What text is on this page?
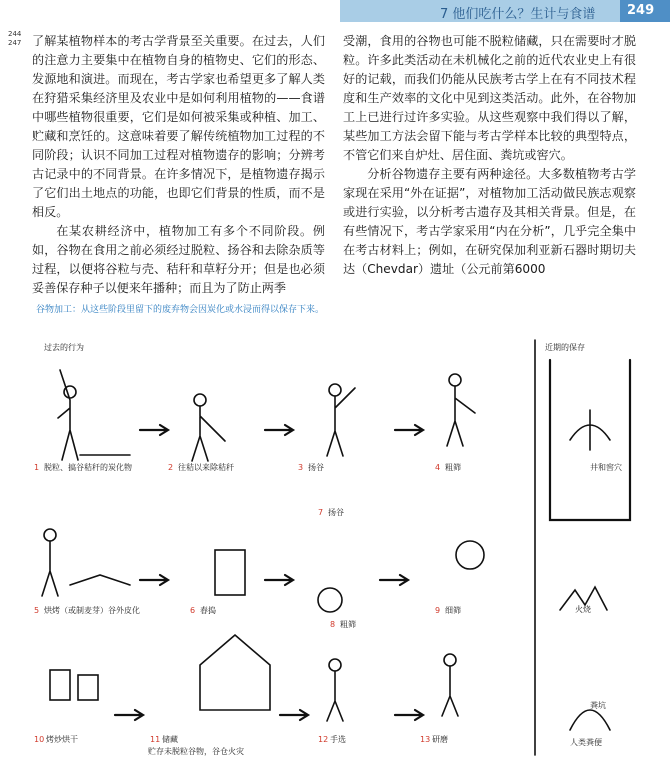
7 他们吃什么？生计与食谱 249
244
247 了解某植物样本的考古学背景至关重要。在过去，人们的注意力主要集中在植物自身的植物史、它们的形态、发源地和演进。而现在，考古学家也希望更多了解人类在狩猎采集经济里及农业中是如何利用植物的——食谱中哪些植物很重要，它们是如何被采集或种植、加工、贮藏和烹饪的。这意味着要了解传统植物加工过程的不同阶段；认识不同加工过程对植物遗存的影响；分辨考古记录中的不同背景。在许多情况下，是植物遗存揭示了它们出土地点的功能，也即它们背景的性质，而不是相反。

在某农耕经济中，植物加工有多个不同阶段。例如，谷物在食用之前必须经过脱粒、扬谷和去除杂质等过程，以便将谷粒与壳、秸秆和草籽分开；但是也必须妥善保存种子以便来年播种；而且为了防止两季

受潮，食用的谷物也可能不脱粒储藏，只在需要时才脱粒。许多此类活动在未机械化之前的近代农业史上有很好的记载，而我们仍能从民族考古学上在有不同技术程度和生产效率的文化中见到这类活动。此外，在谷物加工上已进行过许多实验。从这些观察中我们得以了解，某些加工方法会留下能与考古学样本比较的典型特点，不管它们来自炉灶、居住面、粪坑或窖穴。

分析谷物遗存主要有两种途径。大多数植物考古学家现在采用“外在证据”，对植物加工活动做民族志观察或进行实验，以分析考古遗存及其相关背景。但是，在有些情况下，考古学家采用“内在分析”，几乎完全集中在考古材料上；例如，在研究保加利亚新石器时期切夫达（Chevdar）遗址（公元前第6000

谷物加工：从这些阶段里留下的废弃物会因炭化或水浸而得以保存下来。
过去的行为	近期的保存
井和窖穴
火烧
粪坑
人类粪便
1 脱粒、搞谷秸秆的炭化物	2 往秸以来除秸秆	3 扬谷	4 粗筛
5 烘烤（或制麦芽）谷外皮化	6 舂捣
7 扬谷
8 粗筛
9 细筛
10 烤炒烘干	11 储藏
贮存未脱粒谷物，谷仓火灾
12 手选	13 研磨
